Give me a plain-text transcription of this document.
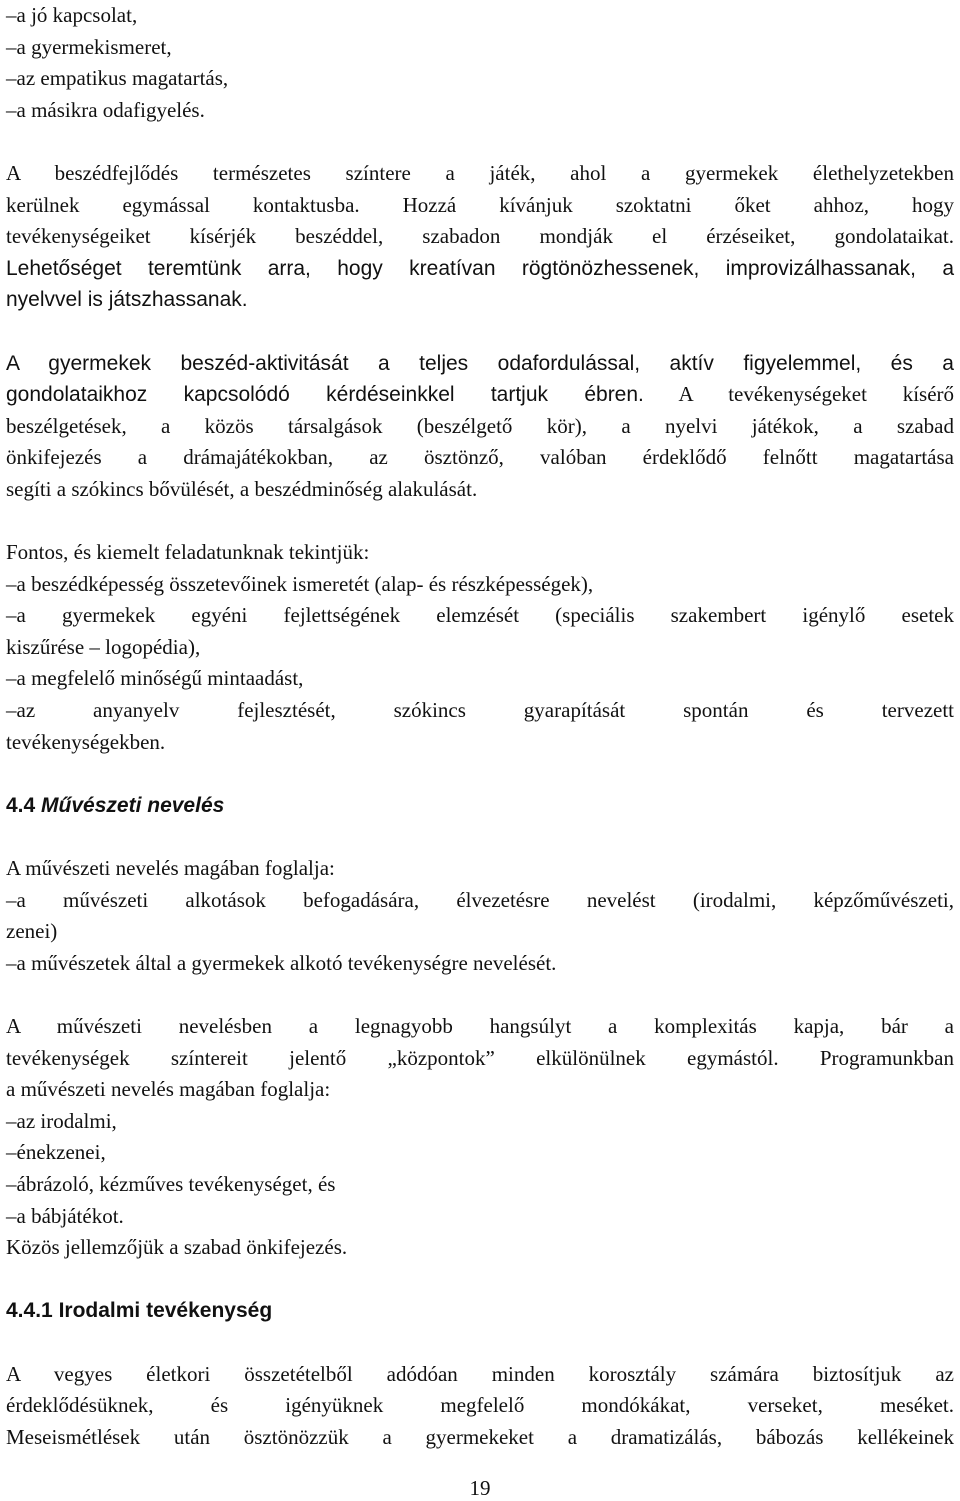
–a jó kapcsolat,
–a gyermekismeret,
–az empatikus magatartás,
–a másikra odafigyelés.
A beszédfejlődés természetes színtere a játék, ahol a gyermekek élethelyzetekben
kerülnek egymással kontaktusba. Hozzá kívánjuk szoktatni őket ahhoz, hogy
tevékenységeiket kísérjék beszéddel, szabadon mondják el érzéseiket, gondolataikat.
Lehetőséget teremtünk arra, hogy kreatívan rögtönözhessenek, improvizálhassanak, a
nyelvvel is játszhassanak.
A gyermekek beszéd-aktivitását a teljes odafordulással, aktív figyelemmel, és a
gondolataikhoz kapcsolódó kérdéseinkkel tartjuk ébren. A tevékenységeket kísérő
beszélgetések, a közös társalgások (beszélgető kör), a nyelvi játékok, a szabad
önkifejezés a drámajátékokban, az ösztönző, valóban érdeklődő felnőtt magatartása
segíti a szókincs bővülését, a beszédminőség alakulását.
Fontos, és kiemelt feladatunknak tekintjük:
–a beszédképesség összetevőinek ismeretét (alap- és részképességek),
–a gyermekek egyéni fejlettségének elemzését (speciális szakembert igénylő esetek
kiszűrése – logopédia),
–a megfelelő minőségű mintaadást,
–az anyanyelv fejlesztését, szókincs gyarapítását spontán és tervezett
tevékenységekben.
4.4 Művészeti nevelés
A művészeti nevelés magában foglalja:
–a művészeti alkotások befogadására, élvezetésre nevelést (irodalmi, képzőművészeti,
zenei)
–a művészetek által a gyermekek alkotó tevékenységre nevelését.
A művészeti nevelésben a legnagyobb hangsúlyt a komplexitás kapja, bár a
tevékenységek színtereit jelentő „központok” elkülönülnek egymástól. Programunkban
a művészeti nevelés magában foglalja:
–az irodalmi,
–énekzenei,
–ábrázoló, kézműves tevékenységet, és
–a bábjátékot.
Közös jellemzőjük a szabad önkifejezés.
4.4.1 Irodalmi tevékenység
A vegyes életkori összetételből adódóan minden korosztály számára biztosítjuk az
érdeklődésüknek, és igényüknek megfelelő mondókákat, verseket, meséket.
Meseismétlések után ösztönözzük a gyermekeket a dramatizálás, bábozás kellékeinek
19
